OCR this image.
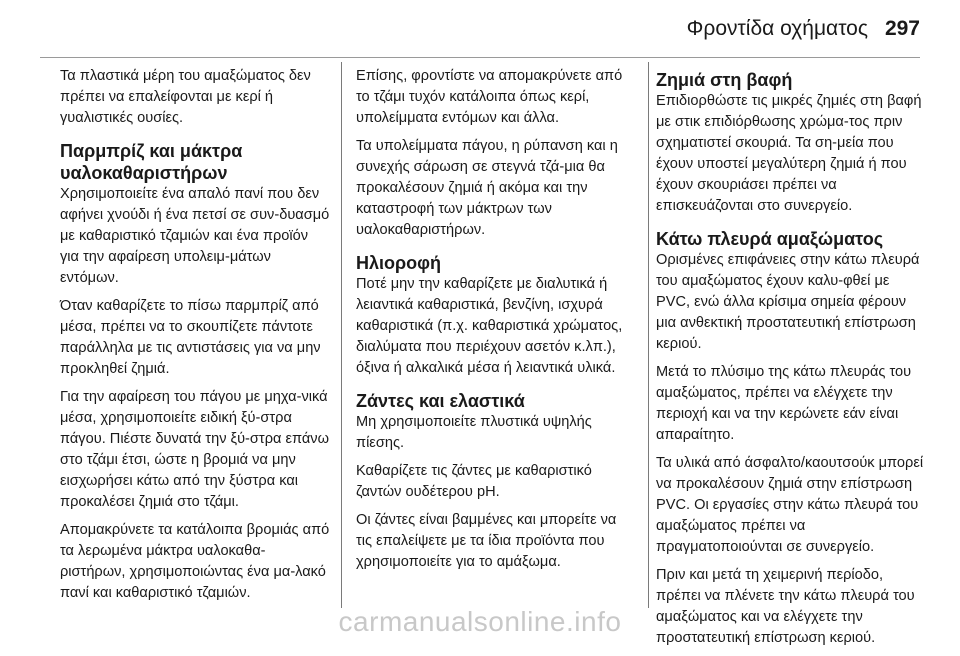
Φροντίδα οχήματος 297

Τα πλαστικά μέρη του αμαξώματος δεν πρέπει να επαλείφονται με κερί ή γυαλιστικές ουσίες.

Παρμπρίζ και μάκτρα υαλοκαθαριστήρων

Χρησιμοποιείτε ένα απαλό πανί που δεν αφήνει χνούδι ή ένα πετσί σε συν-δυασμό με καθαριστικό τζαμιών και ένα προϊόν για την αφαίρεση υπολειμ-μάτων εντόμων.

Όταν καθαρίζετε το πίσω παρμπρίζ από μέσα, πρέπει να το σκουπίζετε πάντοτε παράλληλα με τις αντιστάσεις για να μην προκληθεί ζημιά.

Για την αφαίρεση του πάγου με μηχα-νικά μέσα, χρησιμοποιείτε ειδική ξύ-στρα πάγου. Πιέστε δυνατά την ξύ-στρα επάνω στο τζάμι έτσι, ώστε η βρομιά να μην εισχωρήσει κάτω από την ξύστρα και προκαλέσει ζημιά στο τζάμι.

Απομακρύνετε τα κατάλοιπα βρομιάς από τα λερωμένα μάκτρα υαλοκαθα-ριστήρων, χρησιμοποιώντας ένα μα-λακό πανί και καθαριστικό τζαμιών.

Επίσης, φροντίστε να απομακρύνετε από το τζάμι τυχόν κατάλοιπα όπως κερί, υπολείμματα εντόμων και άλλα.

Τα υπολείμματα πάγου, η ρύπανση και η συνεχής σάρωση σε στεγνά τζά-μια θα προκαλέσουν ζημιά ή ακόμα και την καταστροφή των μάκτρων των υαλοκαθαριστήρων.

Ηλιοροφή

Ποτέ μην την καθαρίζετε με διαλυτικά ή λειαντικά καθαριστικά, βενζίνη, ισχυρά καθαριστικά (π.χ. καθαριστικά χρώματος, διαλύματα που περιέχουν ασετόν κ.λπ.), όξινα ή αλκαλικά μέσα ή λειαντικά υλικά.

Ζάντες και ελαστικά

Μη χρησιμοποιείτε πλυστικά υψηλής πίεσης.

Καθαρίζετε τις ζάντες με καθαριστικό ζαντών ουδέτερου pH.

Οι ζάντες είναι βαμμένες και μπορείτε να τις επαλείψετε με τα ίδια προϊόντα που χρησιμοποιείτε για το αμάξωμα.

Ζημιά στη βαφή

Επιδιορθώστε τις μικρές ζημιές στη βαφή με στικ επιδιόρθωσης χρώμα-τος πριν σχηματιστεί σκουριά. Τα ση-μεία που έχουν υποστεί μεγαλύτερη ζημιά ή που έχουν σκουριάσει πρέπει να επισκευάζονται στο συνεργείο.

Κάτω πλευρά αμαξώματος

Ορισμένες επιφάνειες στην κάτω πλευρά του αμαξώματος έχουν καλυ-φθεί με PVC, ενώ άλλα κρίσιμα σημεία φέρουν μια ανθεκτική προστατευτική επίστρωση κεριού.

Μετά το πλύσιμο της κάτω πλευράς του αμαξώματος, πρέπει να ελέγχετε την περιοχή και να την κερώνετε εάν είναι απαραίτητο.

Τα υλικά από άσφαλτο/καουτσούκ μπορεί να προκαλέσουν ζημιά στην επίστρωση PVC. Οι εργασίες στην κάτω πλευρά του αμαξώματος πρέπει να πραγματοποιούνται σε συνεργείο.

Πριν και μετά τη χειμερινή περίοδο, πρέπει να πλένετε την κάτω πλευρά του αμαξώματος και να ελέγχετε την προστατευτική επίστρωση κεριού.

carmanualsonline.info
